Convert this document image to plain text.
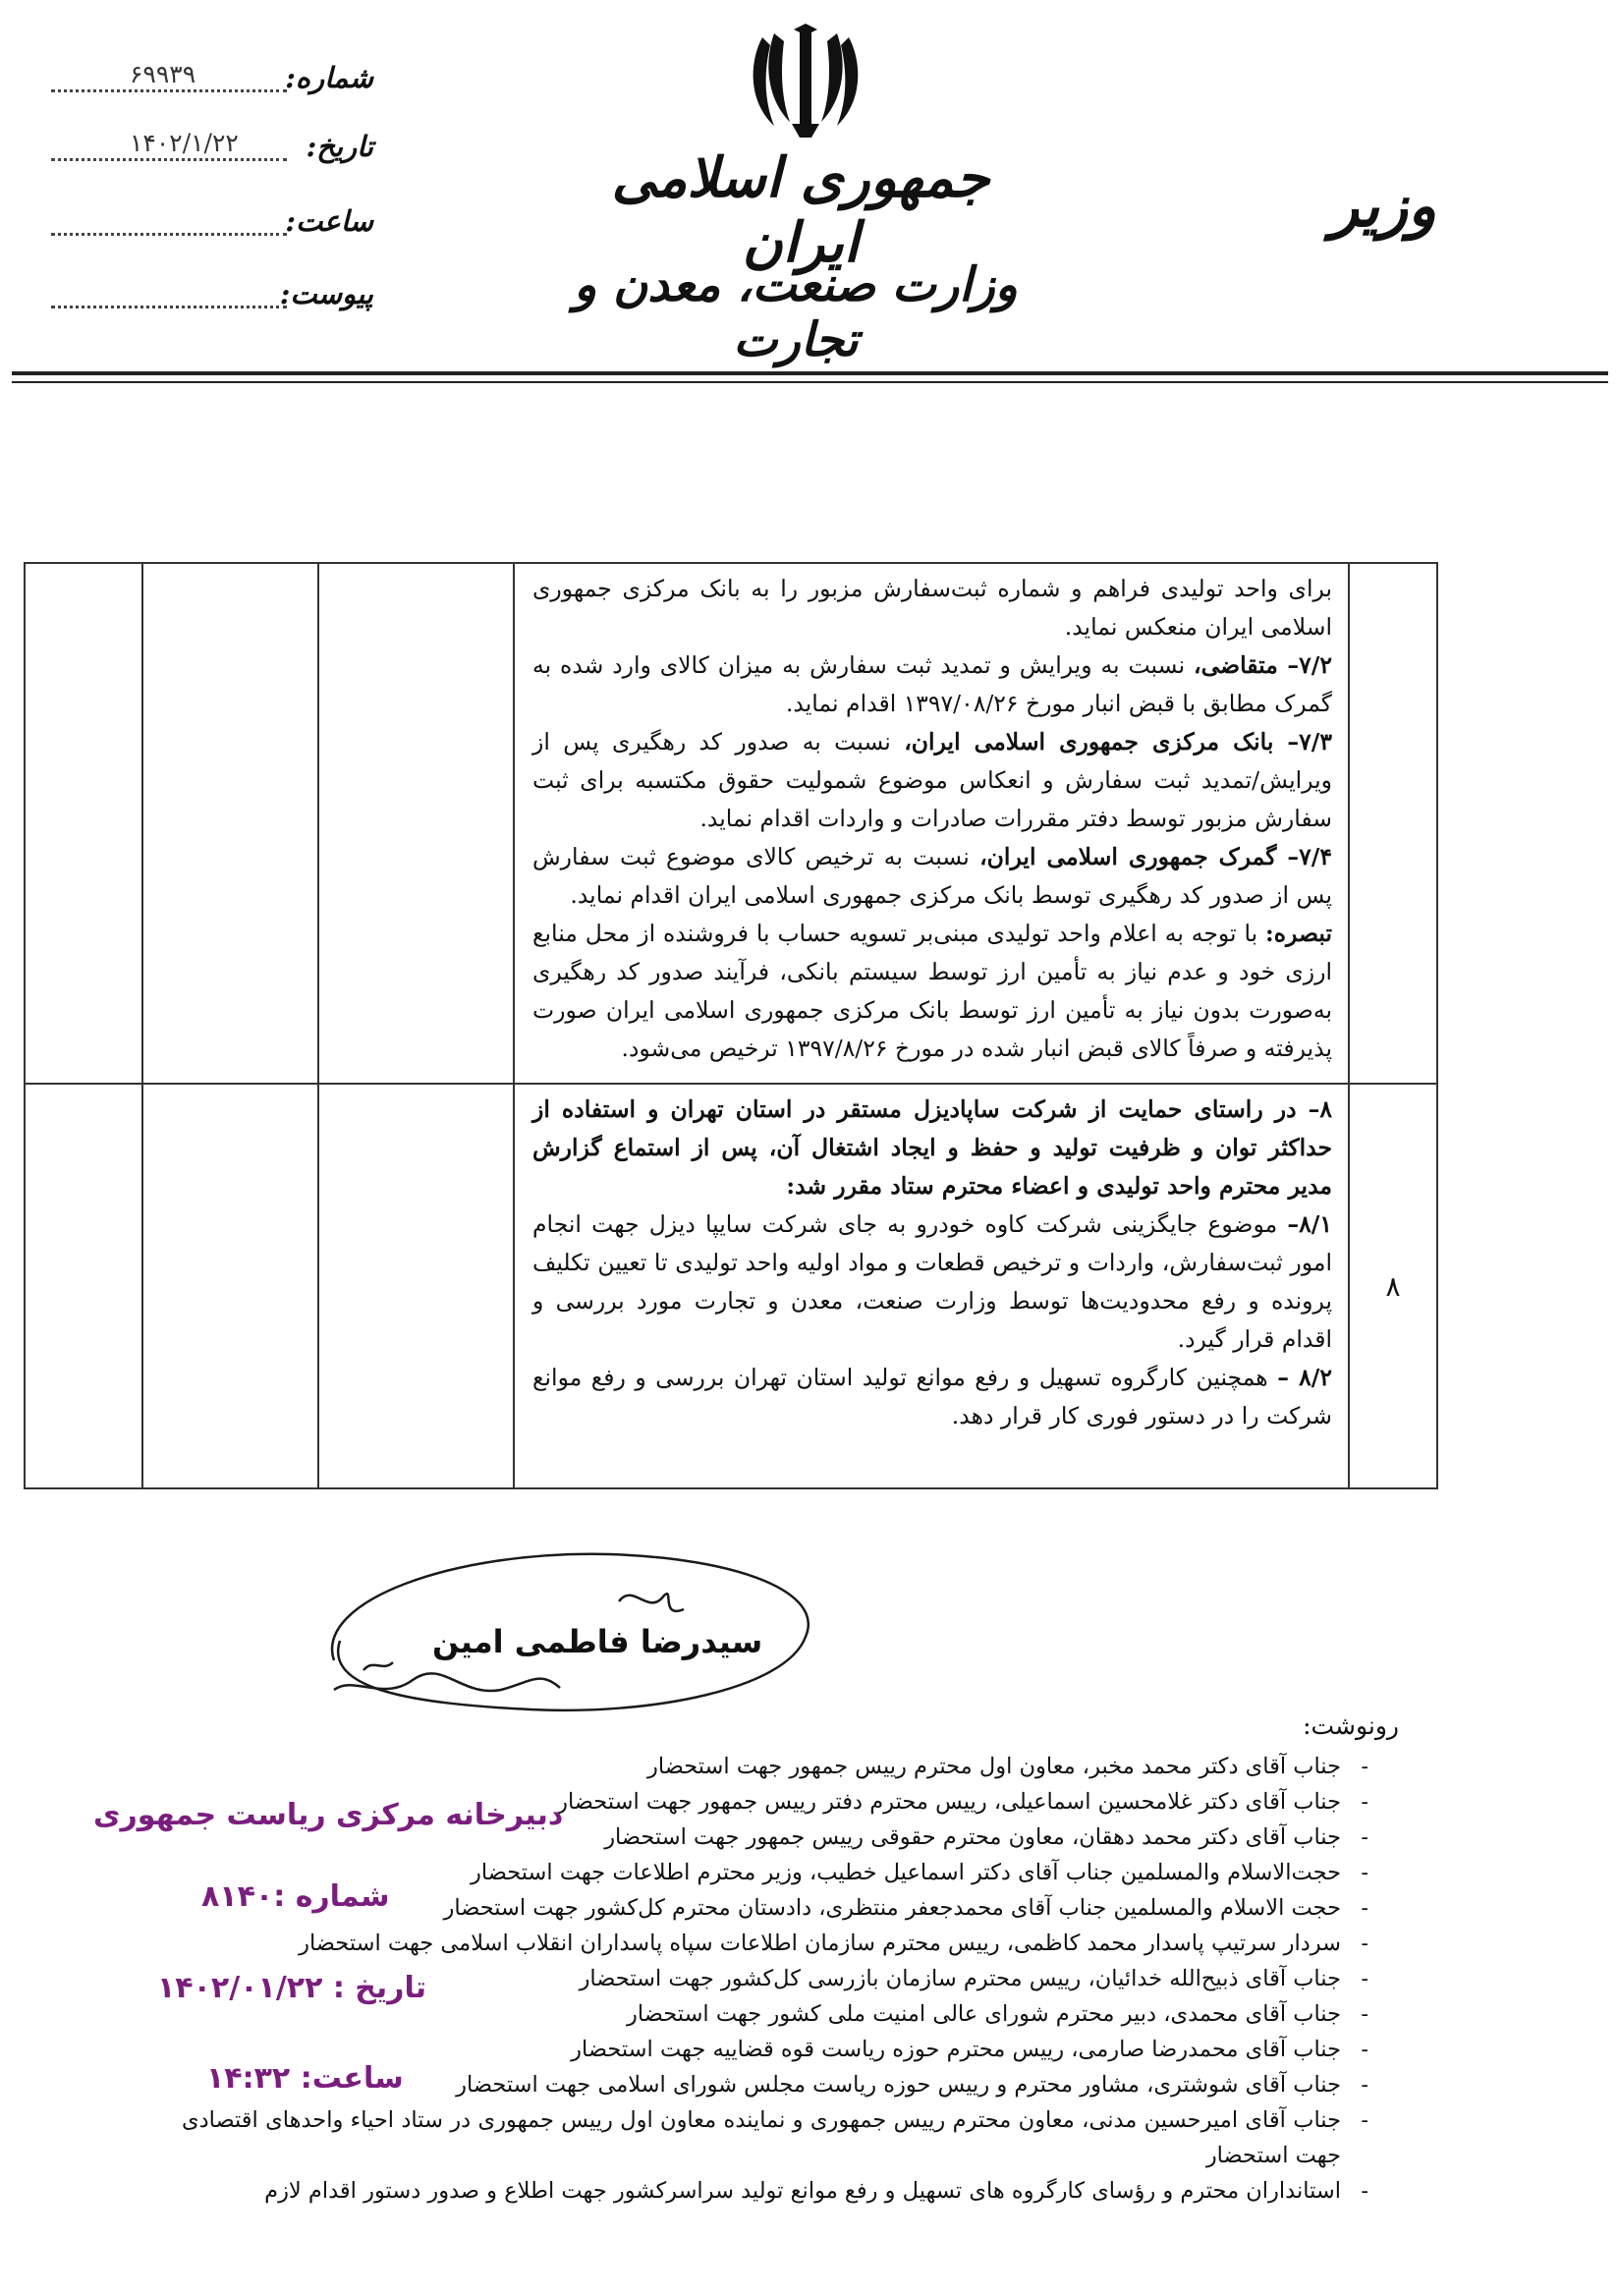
۶۹۹۳۹	شماره:
۱۴۰۲/۱/۲۲ تاریخ:
ساعت:
پیوست:
جمهوری اسلامی ایران
وزارت صنعت، معدن و تجارت
وزیر

	برای واحد تولیدی فراهم و شماره ثبت‌سفارش مزبور را به بانک مرکزی جمهوری اسلامی ایران منعکس نماید.

۷/۲– متقاضی، نسبت به ویرایش و تمدید ثبت سفارش به میزان کالای وارد شده به گمرک مطابق با قبض انبار مورخ ۱۳۹۷/۰۸/۲۶ اقدام نماید.

۷/۳– بانک مرکزی جمهوری اسلامی ایران، نسبت به صدور کد رهگیری پس از ویرایش/تمدید ثبت سفارش و انعکاس موضوع شمولیت حقوق مکتسبه برای ثبت سفارش مزبور توسط دفتر مقررات صادرات و واردات اقدام نماید.

۷/۴– گمرک جمهوری اسلامی ایران، نسبت به ترخیص کالای موضوع ثبت سفارش پس از صدور کد رهگیری توسط بانک مرکزی جمهوری اسلامی ایران اقدام نماید.

تبصره: با توجه به اعلام واحد تولیدی مبنی‌بر تسویه حساب با فروشنده از محل منابع ارزی خود و عدم نیاز به تأمین ارز توسط سیستم بانکی، فرآیند صدور کد رهگیری به‌صورت بدون نیاز به تأمین ارز توسط بانک مرکزی جمهوری اسلامی ایران صورت پذیرفته و صرفاً کالای قبض انبار شده در مورخ ۱۳۹۷/۸/۲۶ ترخیص می‌شود.			

۸	۸– در راستای حمایت از شرکت ساپادیزل مستقر در استان تهران و استفاده از حداکثر توان و ظرفیت تولید و حفظ و ایجاد اشتغال آن، پس از استماع گزارش مدیر محترم واحد تولیدی و اعضاء محترم ستاد مقرر شد:

۸/۱– موضوع جایگزینی شرکت کاوه خودرو به جای شرکت سایپا دیزل جهت انجام امور ثبت‌سفارش، واردات و ترخیص قطعات و مواد اولیه واحد تولیدی تا تعیین تکلیف پرونده و رفع محدودیت‌ها توسط وزارت صنعت، معدن و تجارت مورد بررسی و اقدام قرار گیرد.

۸/۲ – همچنین کارگروه تسهیل و رفع موانع تولید استان تهران بررسی و رفع موانع شرکت را در دستور فوری کار قرار دهد.			

سیدرضا فاطمی امین
رونوشت:
- جناب آقای دکتر محمد مخبر، معاون اول محترم رییس جمهور جهت استحضار
- جناب آقای دکتر غلامحسین اسماعیلی، رییس محترم دفتر رییس جمهور جهت استحضار
- جناب آقای دکتر محمد دهقان، معاون محترم حقوقی رییس جمهور جهت استحضار
- حجت‌الاسلام والمسلمین جناب آقای دکتر اسماعیل خطیب، وزیر محترم اطلاعات جهت استحضار
- حجت الاسلام والمسلمین جناب آقای محمدجعفر منتظری، دادستان محترم کل‌کشور جهت استحضار
- سردار سرتیپ پاسدار محمد کاظمی، رییس محترم سازمان اطلاعات سپاه پاسداران انقلاب اسلامی جهت استحضار
- جناب آقای ذبیح‌الله خدائیان، رییس محترم سازمان بازرسی کل‌کشور جهت استحضار
- جناب آقای محمدی، دبیر محترم شورای عالی امنیت ملی کشور جهت استحضار
- جناب آقای محمدرضا صارمی، رییس محترم حوزه ریاست قوه قضاییه جهت استحضار
- جناب آقای شوشتری، مشاور محترم و رییس حوزه ریاست مجلس شورای اسلامی جهت استحضار
- جناب آقای امیرحسین مدنی، معاون محترم رییس جمهوری و نماینده معاون اول رییس جمهوری در ستاد احیاء واحدهای اقتصادی جهت استحضار
- استانداران محترم و رؤسای کارگروه های تسهیل و رفع موانع تولید سراسرکشور جهت اطلاع و صدور دستور اقدام لازم
دبیرخانه مرکزی ریاست جمهوری
شماره :۸۱۴۰
تاریخ : ۱۴۰۲/۰۱/۲۲
ساعت: ۱۴:۳۲
